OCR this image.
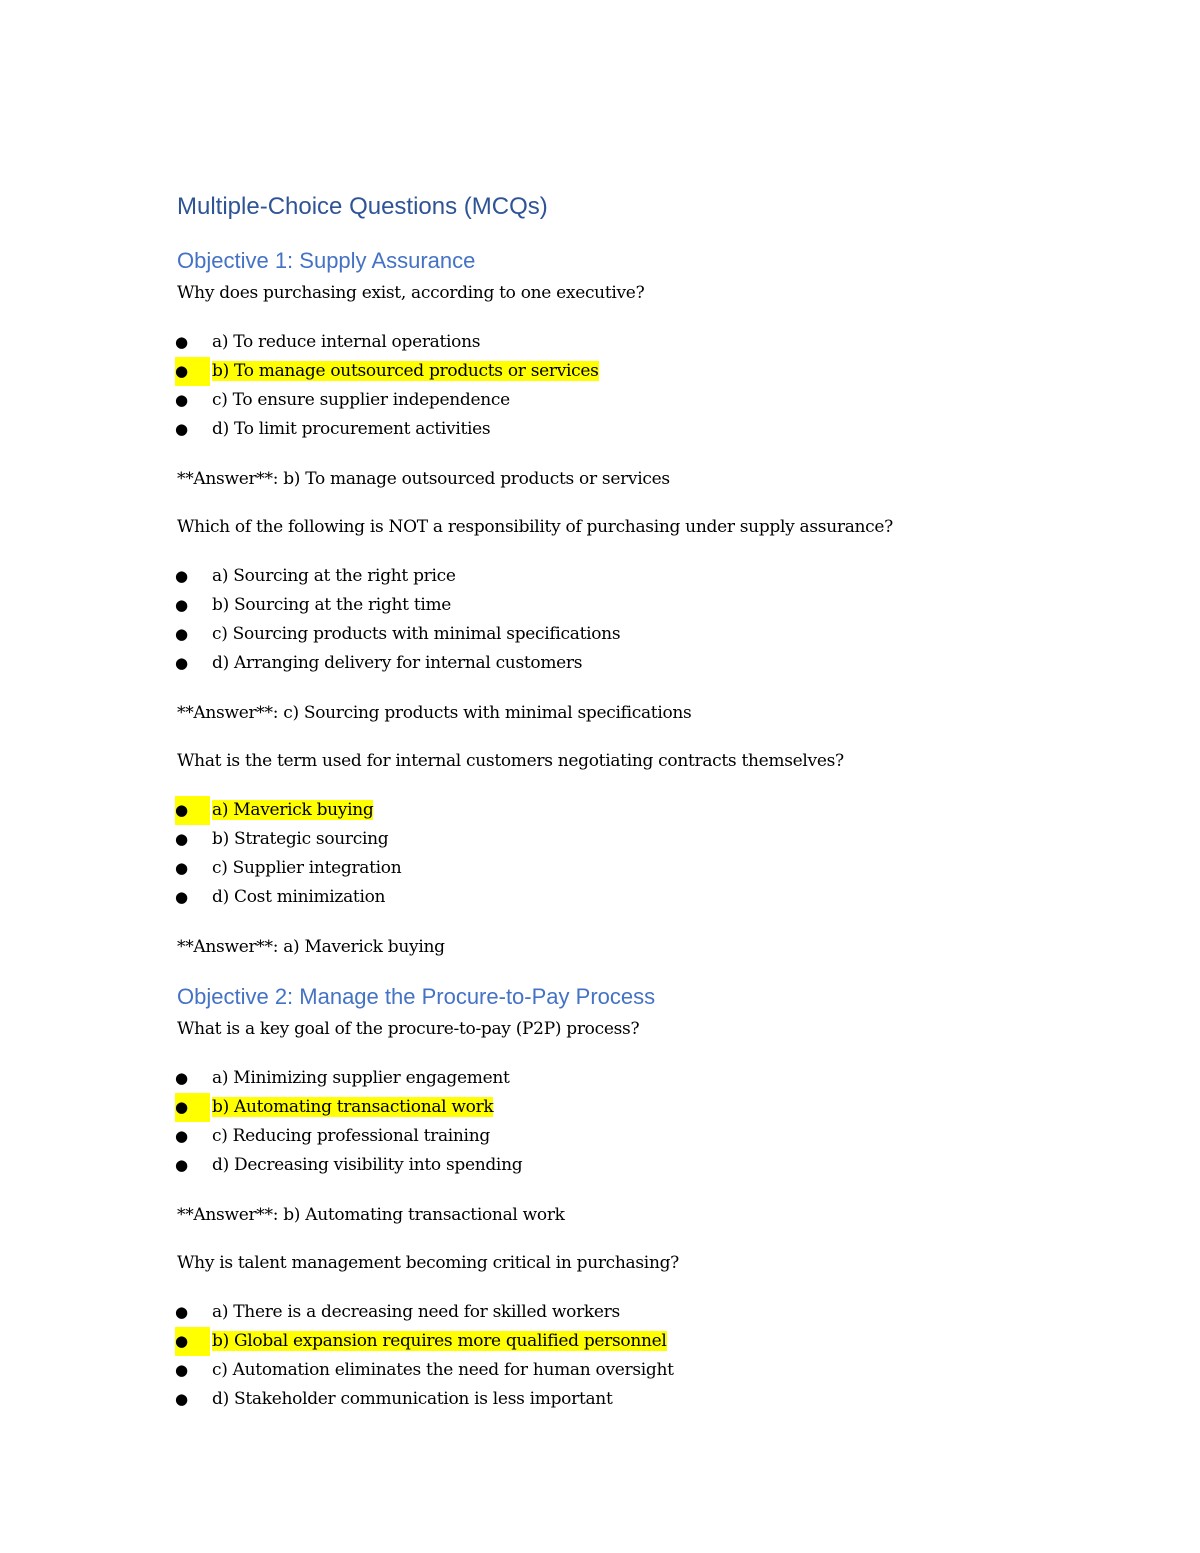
Multiple-Choice Questions (MCQs)
Objective 1: Supply Assurance
Why does purchasing exist, according to one executive?
● a) To reduce internal operations
●	b) To manage outsourced products or services
● c) To ensure supplier independence
● d) To limit procurement activities
**Answer**: b) To manage outsourced products or services
Which of the following is NOT a responsibility of purchasing under supply assurance?
● a) Sourcing at the right price
● b) Sourcing at the right time
● c) Sourcing products with minimal specifications
● d) Arranging delivery for internal customers
**Answer**: c) Sourcing products with minimal specifications
What is the term used for internal customers negotiating contracts themselves?
●	a) Maverick buying
● b) Strategic sourcing
● c) Supplier integration
● d) Cost minimization
**Answer**: a) Maverick buying
Objective 2: Manage the Procure-to-Pay Process
What is a key goal of the procure-to-pay (P2P) process?
● a) Minimizing supplier engagement
●	b) Automating transactional work
● c) Reducing professional training
● d) Decreasing visibility into spending
**Answer**: b) Automating transactional work
Why is talent management becoming critical in purchasing?
● a) There is a decreasing need for skilled workers
●	b) Global expansion requires more qualified personnel
● c) Automation eliminates the need for human oversight
● d) Stakeholder communication is less important
